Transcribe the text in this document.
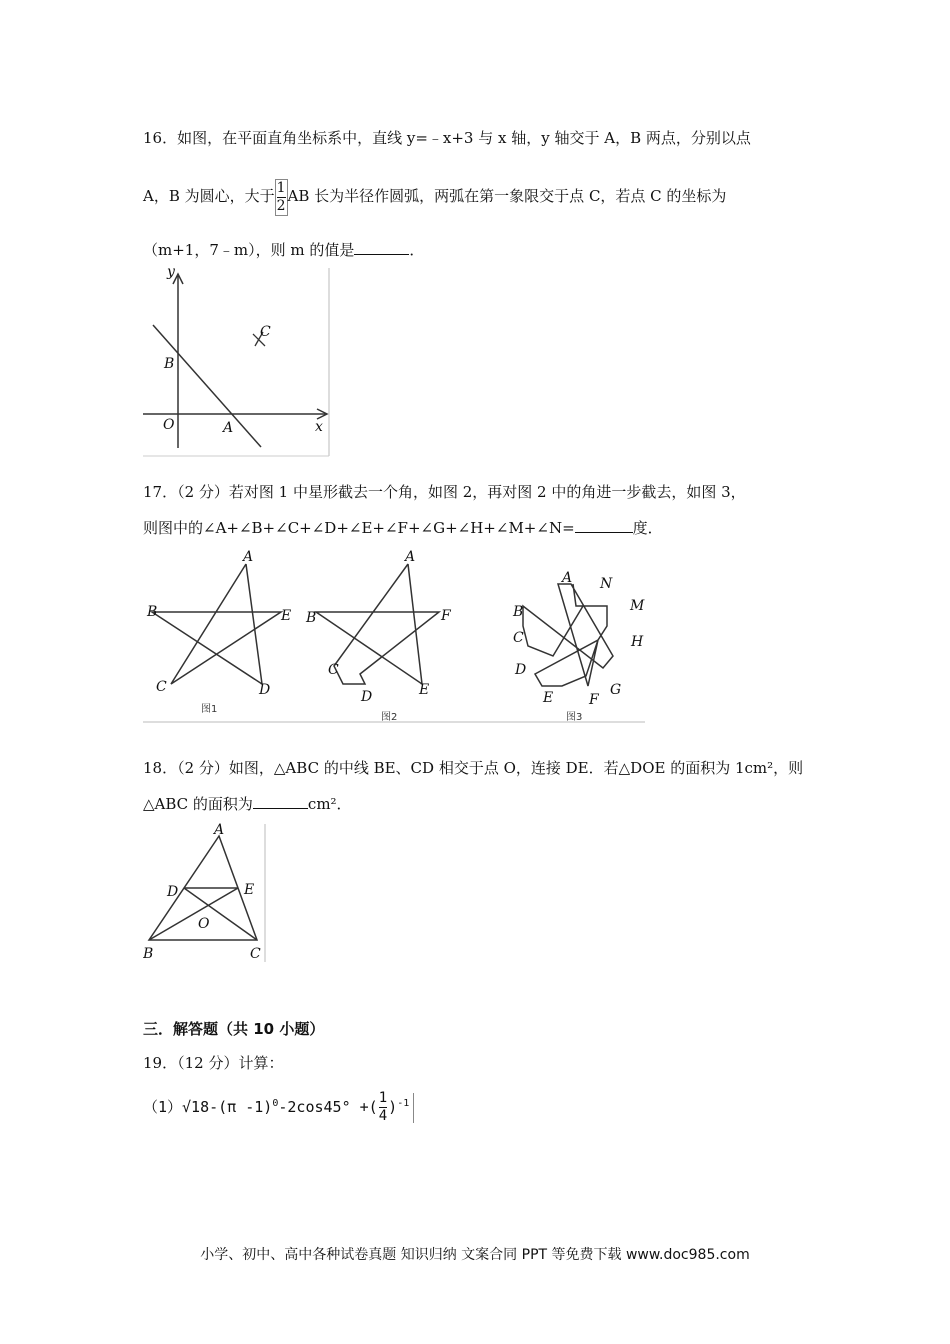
16．如图，在平面直角坐标系中，直线 y=﹣x+3 与 x 轴，y 轴交于 A，B 两点，分别以点
A，B 为圆心，大于 $\frac{1}{2}$ AB 长为半径作圆弧，两弧在第一象限交于点 C，若点 C 的坐标为
（m+1，7﹣m），则 m 的值是	．
y
x
O	A
B
C
17．（2 分）若对图 1 中星形截去一个角，如图 2，再对图 2 中的角进一步截去，如图 3，
则图中的∠A+∠B+∠C+∠D+∠E+∠F+∠G+∠H+∠M+∠N=	度．
A
B	E
C	D
图1
A
B	F
C
D	E
图2
A N
B	M
C	H
D
E	F
G
图3
18．（2 分）如图，△ABC 的中线 BE、CD 相交于点 O，连接 DE．若△DOE 的面积为 1cm²，则
△ABC 的面积为	cm²．
A
B	C
D	E
O
三．解答题（共 10 小题）
19．（12 分）计算：
（1）√18-(π -1)$^0$-2cos45° +( $\frac{1}{4} )^{-1}$
小学、初中、高中各种试卷真题 知识归纳 文案合同 PPT 等免费下载 www.doc985.com
